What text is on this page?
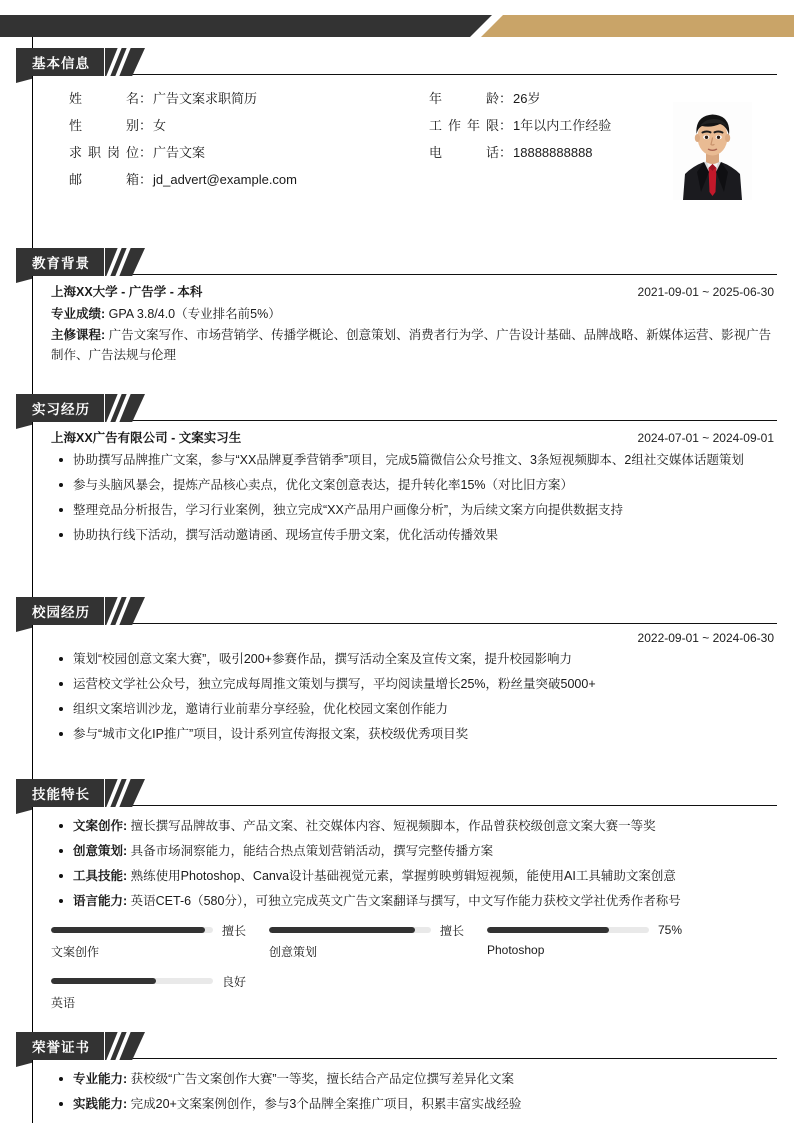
基本信息
姓	名 ： 广告文案求职简历
性	别 ： 女
求 职 岗 位 ： 广告文案
邮	箱 ： jd_advert@example.com
年	龄 ： 26岁
工 作 年 限 ： 1年以内工作经验
电	话 ： 18888888888
教育背景
上海XX大学 - 广告学 - 本科	2021-09-01 ~ 2025-06-30
专业成绩: GPA 3.8/4.0（专业排名前5%）
主修课程: 广告文案写作、市场营销学、传播学概论、创意策划、消费者行为学、广告设计基础、品牌战略、新媒体运营、影视广告制作、广告法规与伦理
实习经历
上海XX广告有限公司 - 文案实习生	2024-07-01 ~ 2024-09-01
协助撰写品牌推广文案，参与“XX品牌夏季营销季”项目，完成5篇微信公众号推文、3条短视频脚本、2组社交媒体话题策划
参与头脑风暴会，提炼产品核心卖点，优化文案创意表达，提升转化率15%（对比旧方案）
整理竞品分析报告，学习行业案例，独立完成“XX产品用户画像分析”，为后续文案方向提供数据支持
协助执行线下活动，撰写活动邀请函、现场宣传手册文案，优化活动传播效果
校园经历
2022-09-01 ~ 2024-06-30
策划“校园创意文案大赛”，吸引200+参赛作品，撰写活动全案及宣传文案，提升校园影响力
运营校文学社公众号，独立完成每周推文策划与撰写，平均阅读量增长25%，粉丝量突破5000+
组织文案培训沙龙，邀请行业前辈分享经验，优化校园文案创作能力
参与“城市文化IP推广”项目，设计系列宣传海报文案，获校级优秀项目奖
技能特长
文案创作: 擅长撰写品牌故事、产品文案、社交媒体内容、短视频脚本，作品曾获校级创意文案大赛一等奖
创意策划: 具备市场洞察能力，能结合热点策划营销活动，撰写完整传播方案
工具技能: 熟练使用Photoshop、Canva设计基础视觉元素，掌握剪映剪辑短视频，能使用AI工具辅助文案创意
语言能力: 英语CET-6（580分），可独立完成英文广告文案翻译与撰写，中文写作能力获校文学社优秀作者称号
擅长
文案创作
擅长
创意策划
75%
Photoshop
良好
英语
荣誉证书
专业能力: 获校级“广告文案创作大赛”一等奖，擅长结合产品定位撰写差异化文案
实践能力: 完成20+文案案例创作，参与3个品牌全案推广项目，积累丰富实战经验
